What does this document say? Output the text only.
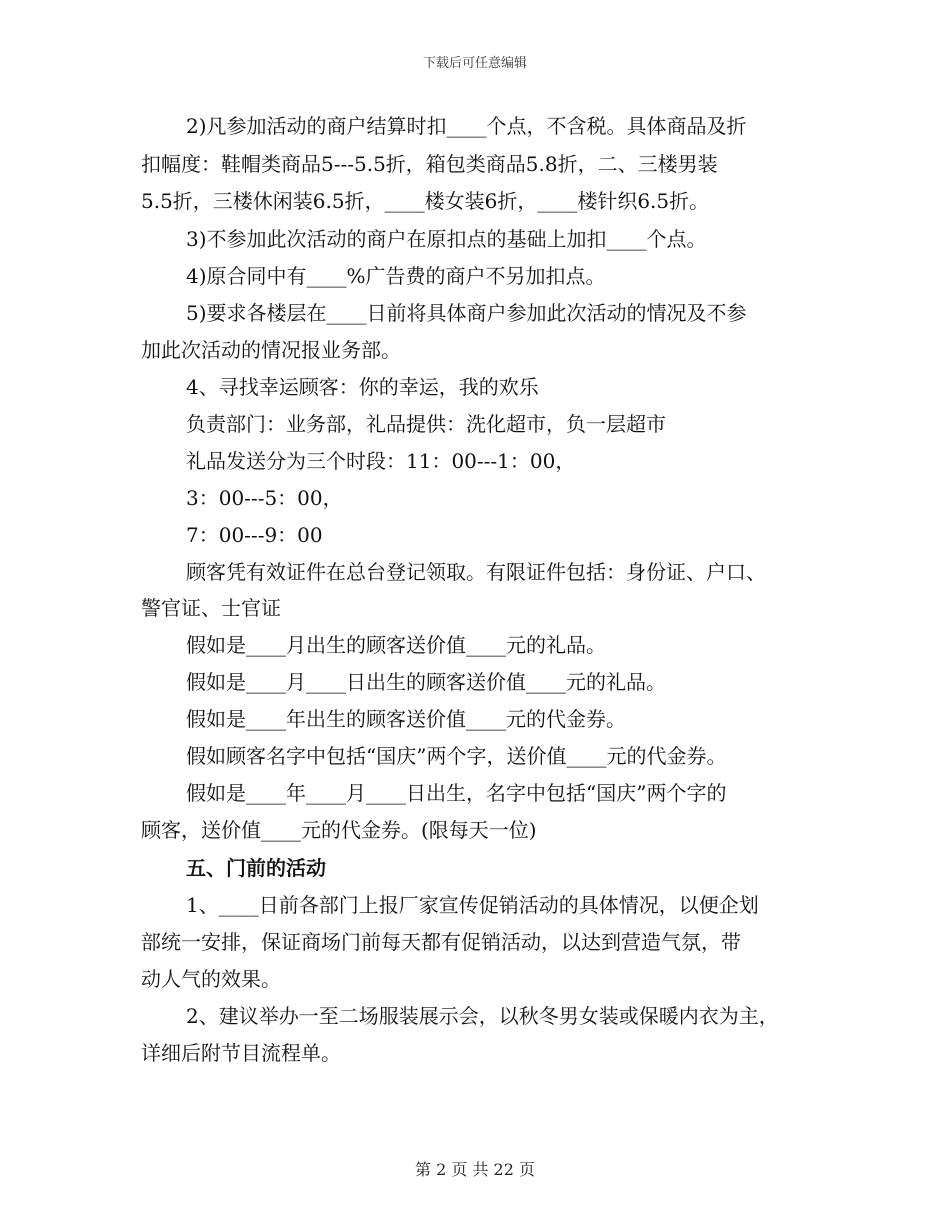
下载后可任意编辑
2)凡参加活动的商户结算时扣____个点，不含税。具体商品及折
扣幅度：鞋帽类商品5---5.5折，箱包类商品5.8折，二、三楼男装
5.5折，三楼休闲装6.5折，____楼女装6折，____楼针织6.5折。
3)不参加此次活动的商户在原扣点的基础上加扣____个点。
4)原合同中有____%广告费的商户不另加扣点。
5)要求各楼层在____日前将具体商户参加此次活动的情况及不参
加此次活动的情况报业务部。
4、寻找幸运顾客：你的幸运，我的欢乐
负责部门：业务部，礼品提供：洗化超市，负一层超市
礼品发送分为三个时段：11：00---1：00，
3：00---5：00，
7：00---9：00
顾客凭有效证件在总台登记领取。有限证件包括：身份证、户口、
警官证、士官证
假如是____月出生的顾客送价值____元的礼品。
假如是____月____日出生的顾客送价值____元的礼品。
假如是____年出生的顾客送价值____元的代金券。
假如顾客名字中包括“国庆”两个字，送价值____元的代金券。
假如是____年____月____日出生，名字中包括“国庆”两个字的
顾客，送价值____元的代金券。(限每天一位)
五、门前的活动
1、____日前各部门上报厂家宣传促销活动的具体情况，以便企划
部统一安排，保证商场门前每天都有促销活动，以达到营造气氛，带
动人气的效果。
2、建议举办一至二场服装展示会，以秋冬男女装或保暖内衣为主，
详细后附节目流程单。
第 2 页 共 22 页
